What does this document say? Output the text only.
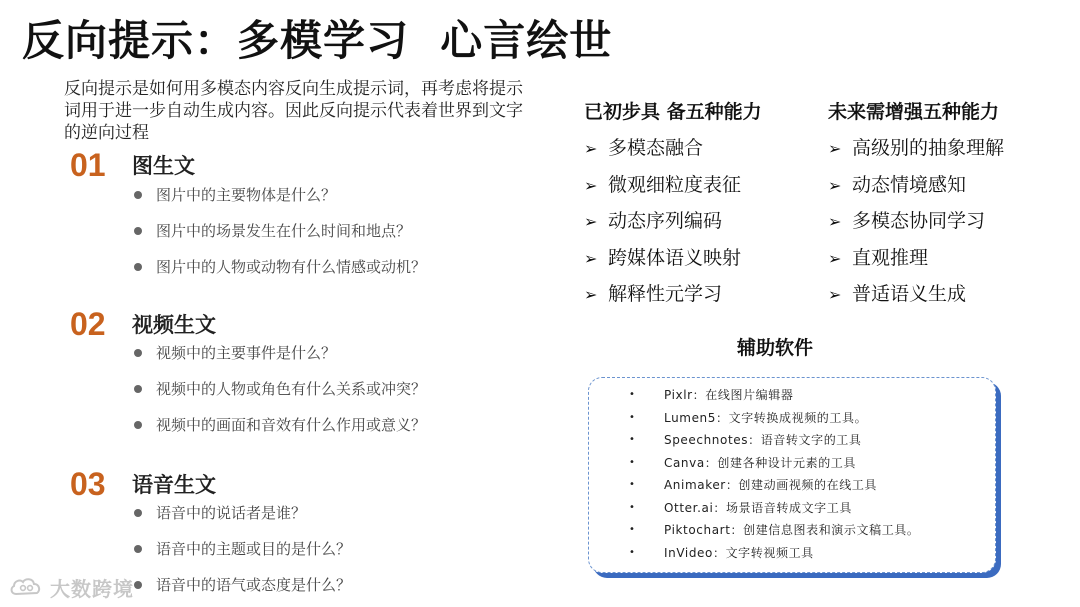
反向提示：多模学习  心言绘世
反向提示是如何用多模态内容反向生成提示词，再考虑将提示词用于进一步自动生成内容。因此反向提示代表着世界到文字的逆向过程
01	图生文
图片中的主要物体是什么？
图片中的场景发生在什么时间和地点？
图片中的人物或动物有什么情感或动机？
02	视频生文
视频中的主要事件是什么？
视频中的人物或角色有什么关系或冲突？
视频中的画面和音效有什么作用或意义？
03	语音生文
语音中的说话者是谁？
语音中的主题或目的是什么？
语音中的语气或态度是什么？
已初步具 备五种能力
➢ 多模态融合
➢ 微观细粒度表征
➢ 动态序列编码
➢ 跨媒体语义映射
➢ 解释性元学习
未来需增强五种能力
➢ 高级别的抽象理解
➢ 动态情境感知
➢ 多模态协同学习
➢ 直观推理
➢ 普适语义生成
辅助软件
• Pixlr：在线图片编辑器
• Lumen5：文字转换成视频的工具。
• Speechnotes：语音转文字的工具
• Canva：创建各种设计元素的工具
• Animaker：创建动画视频的在线工具
• Otter.ai：场景语音转成文字工具
• Piktochart：创建信息图表和演示文稿工具。
• InVideo：文字转视频工具
大数跨境
